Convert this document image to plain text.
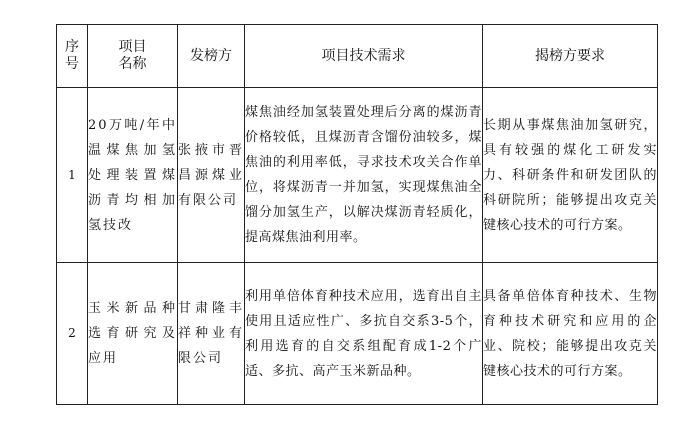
序号	项目名称	发榜方	项目技术需求	揭榜方要求
1	20万吨/年中温煤焦加氢处理装置煤沥青均相加氢技改	张掖市晋昌源煤业有限公司	煤焦油经加氢装置处理后分离的煤沥青价格较低，且煤沥青含馏份油较多，煤焦油的利用率低，寻求技术攻关合作单位，将煤沥青一并加氢，实现煤焦油全馏分加氢生产，以解决煤沥青轻质化，提高煤焦油利用率。	长期从事煤焦油加氢研究，具有较强的煤化工研发实力、科研条件和研发团队的科研院所；能够提出攻克关键核心技术的可行方案。
2	玉米新品种选育研究及应用	甘肃隆丰祥种业有限公司	利用单倍体育种技术应用，选育出自主使用且适应性广、多抗自交系3-5个，利用选育的自交系组配育成1-2个广适、多抗、高产玉米新品种。	具备单倍体育种技术、生物育种技术研究和应用的企业、院校；能够提出攻克关键核心技术的可行方案。
